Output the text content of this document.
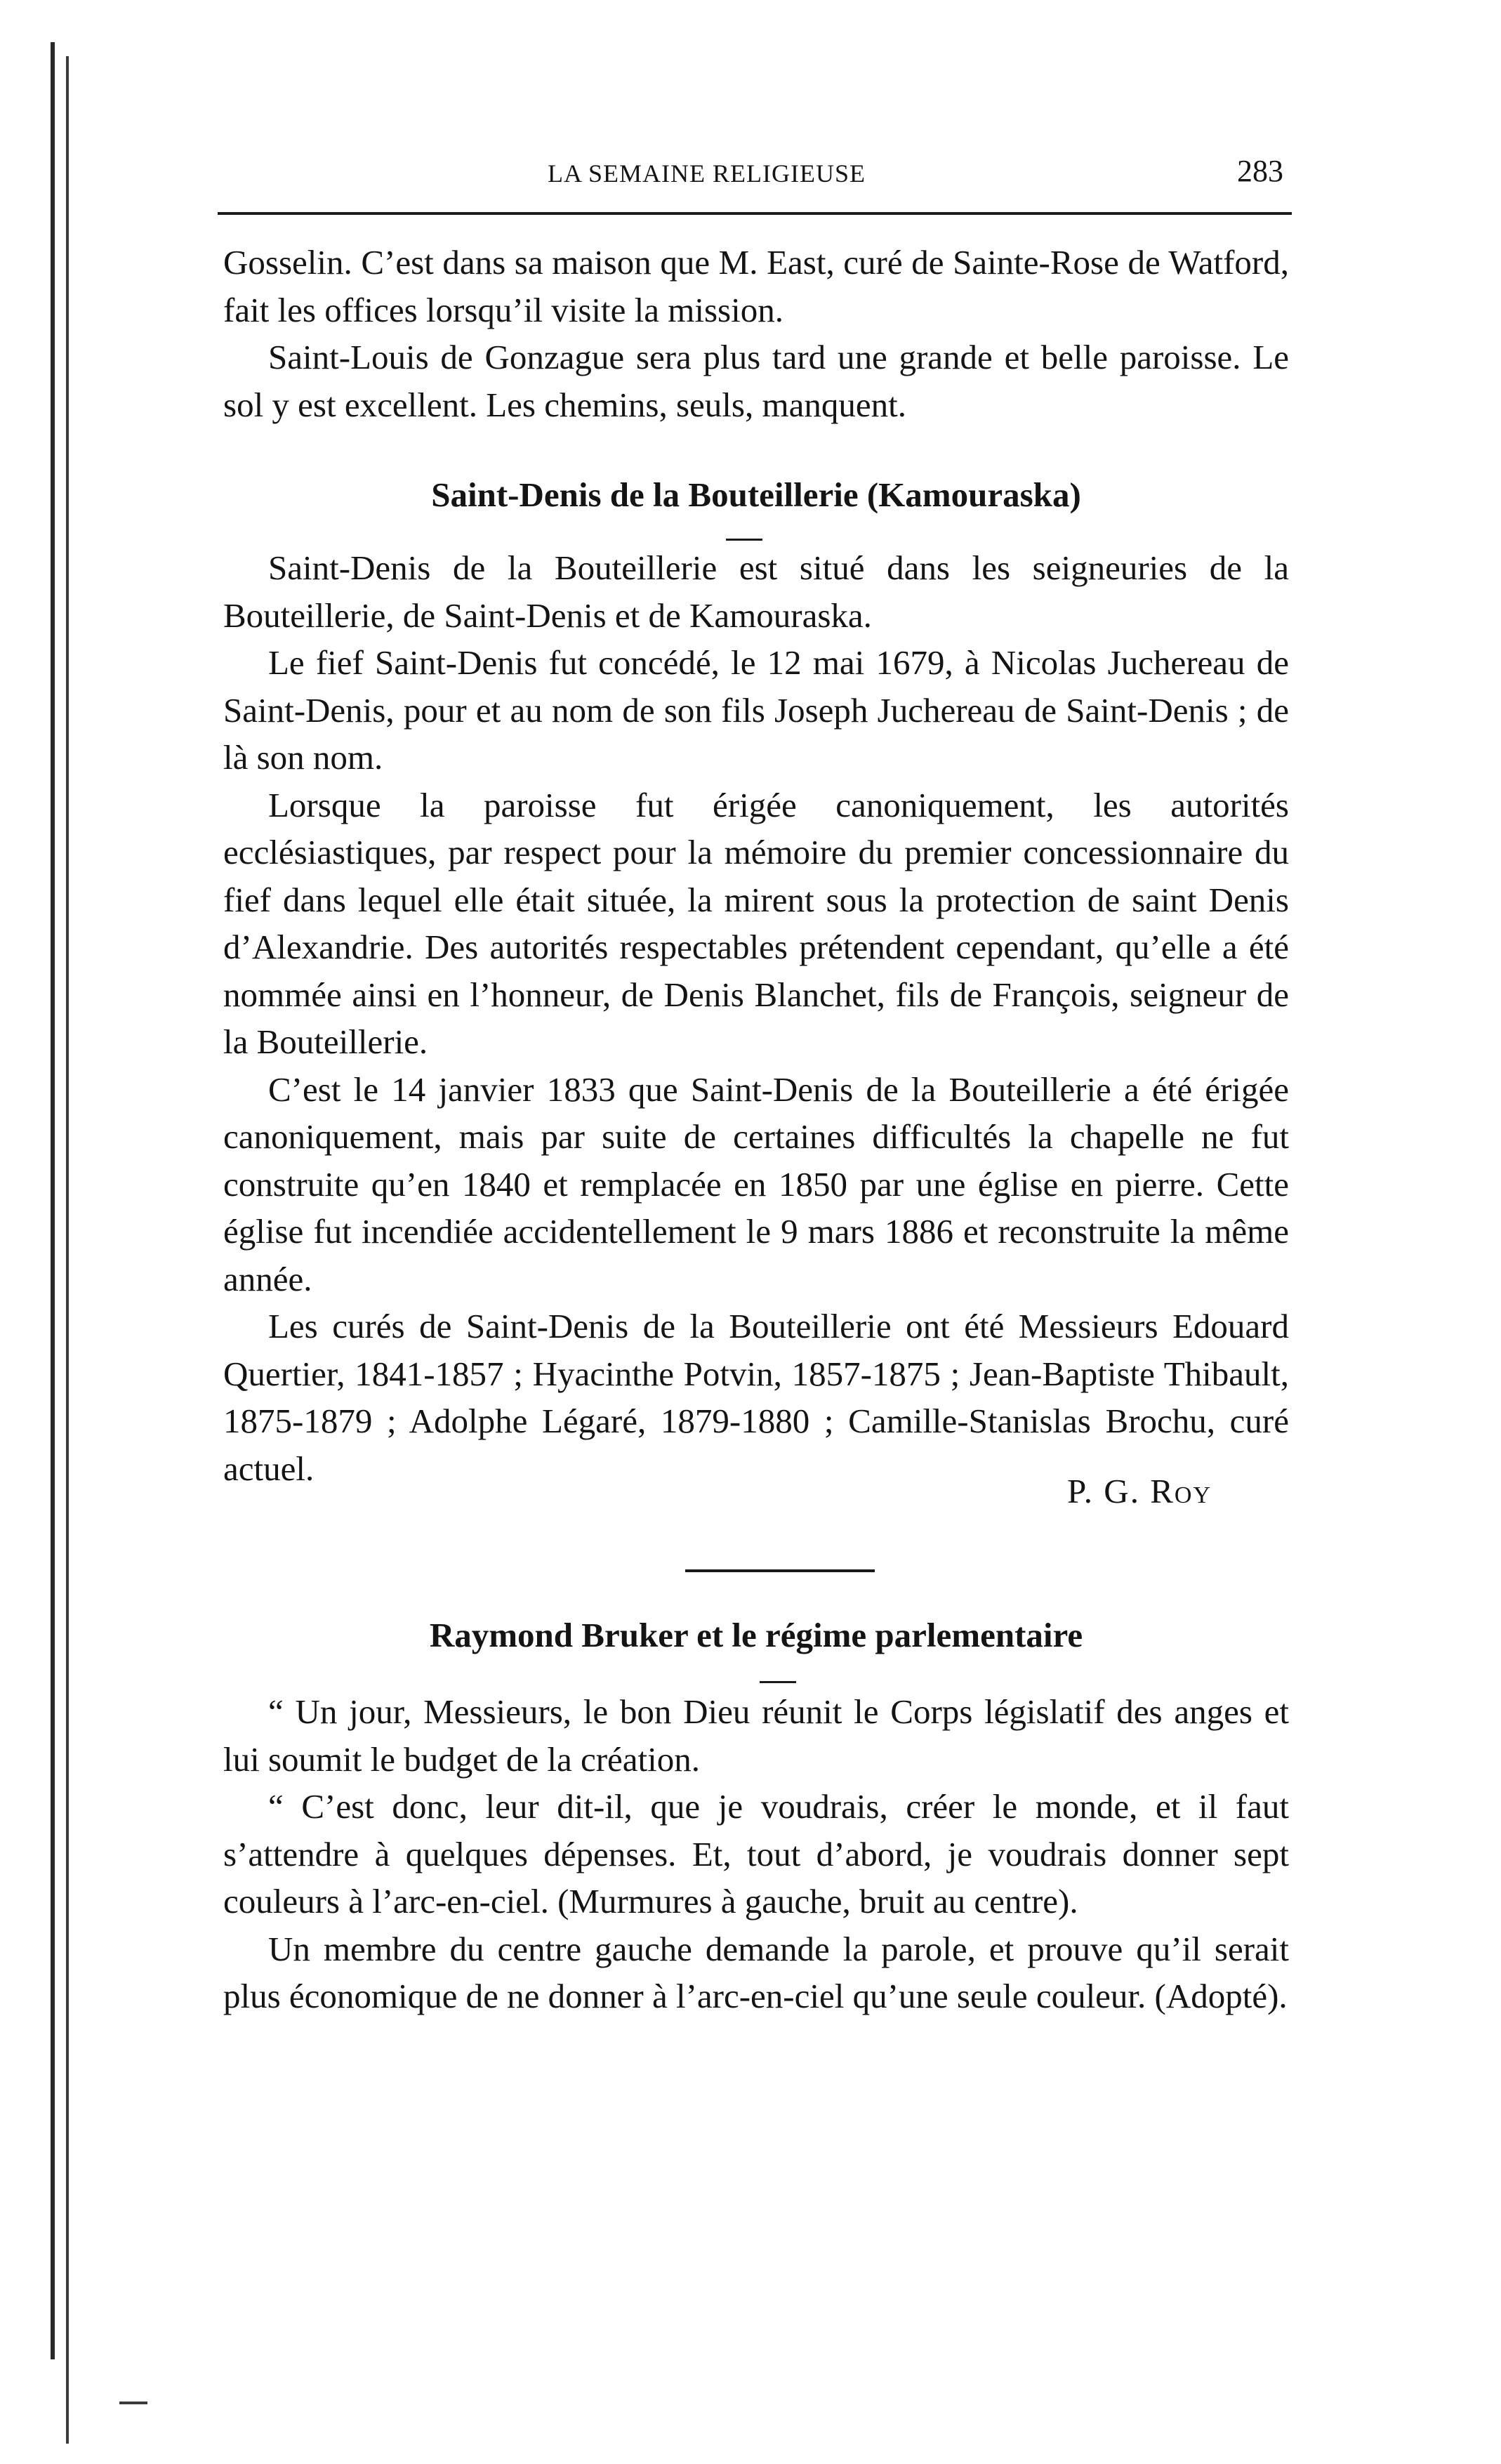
LA SEMAINE RELIGIEUSE	283

Gosselin. C’est dans sa maison que M. East, curé de Sainte-Rose de Watford, fait les offices lorsqu’il visite la mission.

Saint-Louis de Gonzague sera plus tard une grande et belle paroisse. Le sol y est excellent. Les chemins, seuls, manquent.

Saint-Denis de la Bouteillerie (Kamouraska)

Saint-Denis de la Bouteillerie est situé dans les seigneuries de la Bouteillerie, de Saint-Denis et de Kamouraska.

Le fief Saint-Denis fut concédé, le 12 mai 1679, à Nicolas Juchereau de Saint-Denis, pour et au nom de son fils Joseph Juchereau de Saint-Denis ; de là son nom.

Lorsque la paroisse fut érigée canoniquement, les autorités ecclésiastiques, par respect pour la mémoire du premier concessionnaire du fief dans lequel elle était située, la mirent sous la protection de saint Denis d’Alexandrie. Des autorités respectables prétendent cependant, qu’elle a été nommée ainsi en l’honneur, de Denis Blanchet, fils de François, seigneur de la Bouteillerie.

C’est le 14 janvier 1833 que Saint-Denis de la Bouteillerie a été érigée canoniquement, mais par suite de certaines difficultés la chapelle ne fut construite qu’en 1840 et remplacée en 1850 par une église en pierre. Cette église fut incendiée accidentellement le 9 mars 1886 et reconstruite la même année.

Les curés de Saint-Denis de la Bouteillerie ont été Messieurs Edouard Quertier, 1841-1857 ; Hyacinthe Potvin, 1857-1875 ; Jean-Baptiste Thibault, 1875-1879 ; Adolphe Légaré, 1879-1880 ; Camille-Stanislas Brochu, curé actuel.

P. G. Roy
Raymond Bruker et le régime parlementaire

“ Un jour, Messieurs, le bon Dieu réunit le Corps législatif des anges et lui soumit le budget de la création.

“ C’est donc, leur dit-il, que je voudrais, créer le monde, et il faut s’attendre à quelques dépenses. Et, tout d’abord, je voudrais donner sept couleurs à l’arc-en-ciel. (Murmures à gauche, bruit au centre).

Un membre du centre gauche demande la parole, et prouve qu’il serait plus économique de ne donner à l’arc-en-ciel qu’une seule couleur. (Adopté).
